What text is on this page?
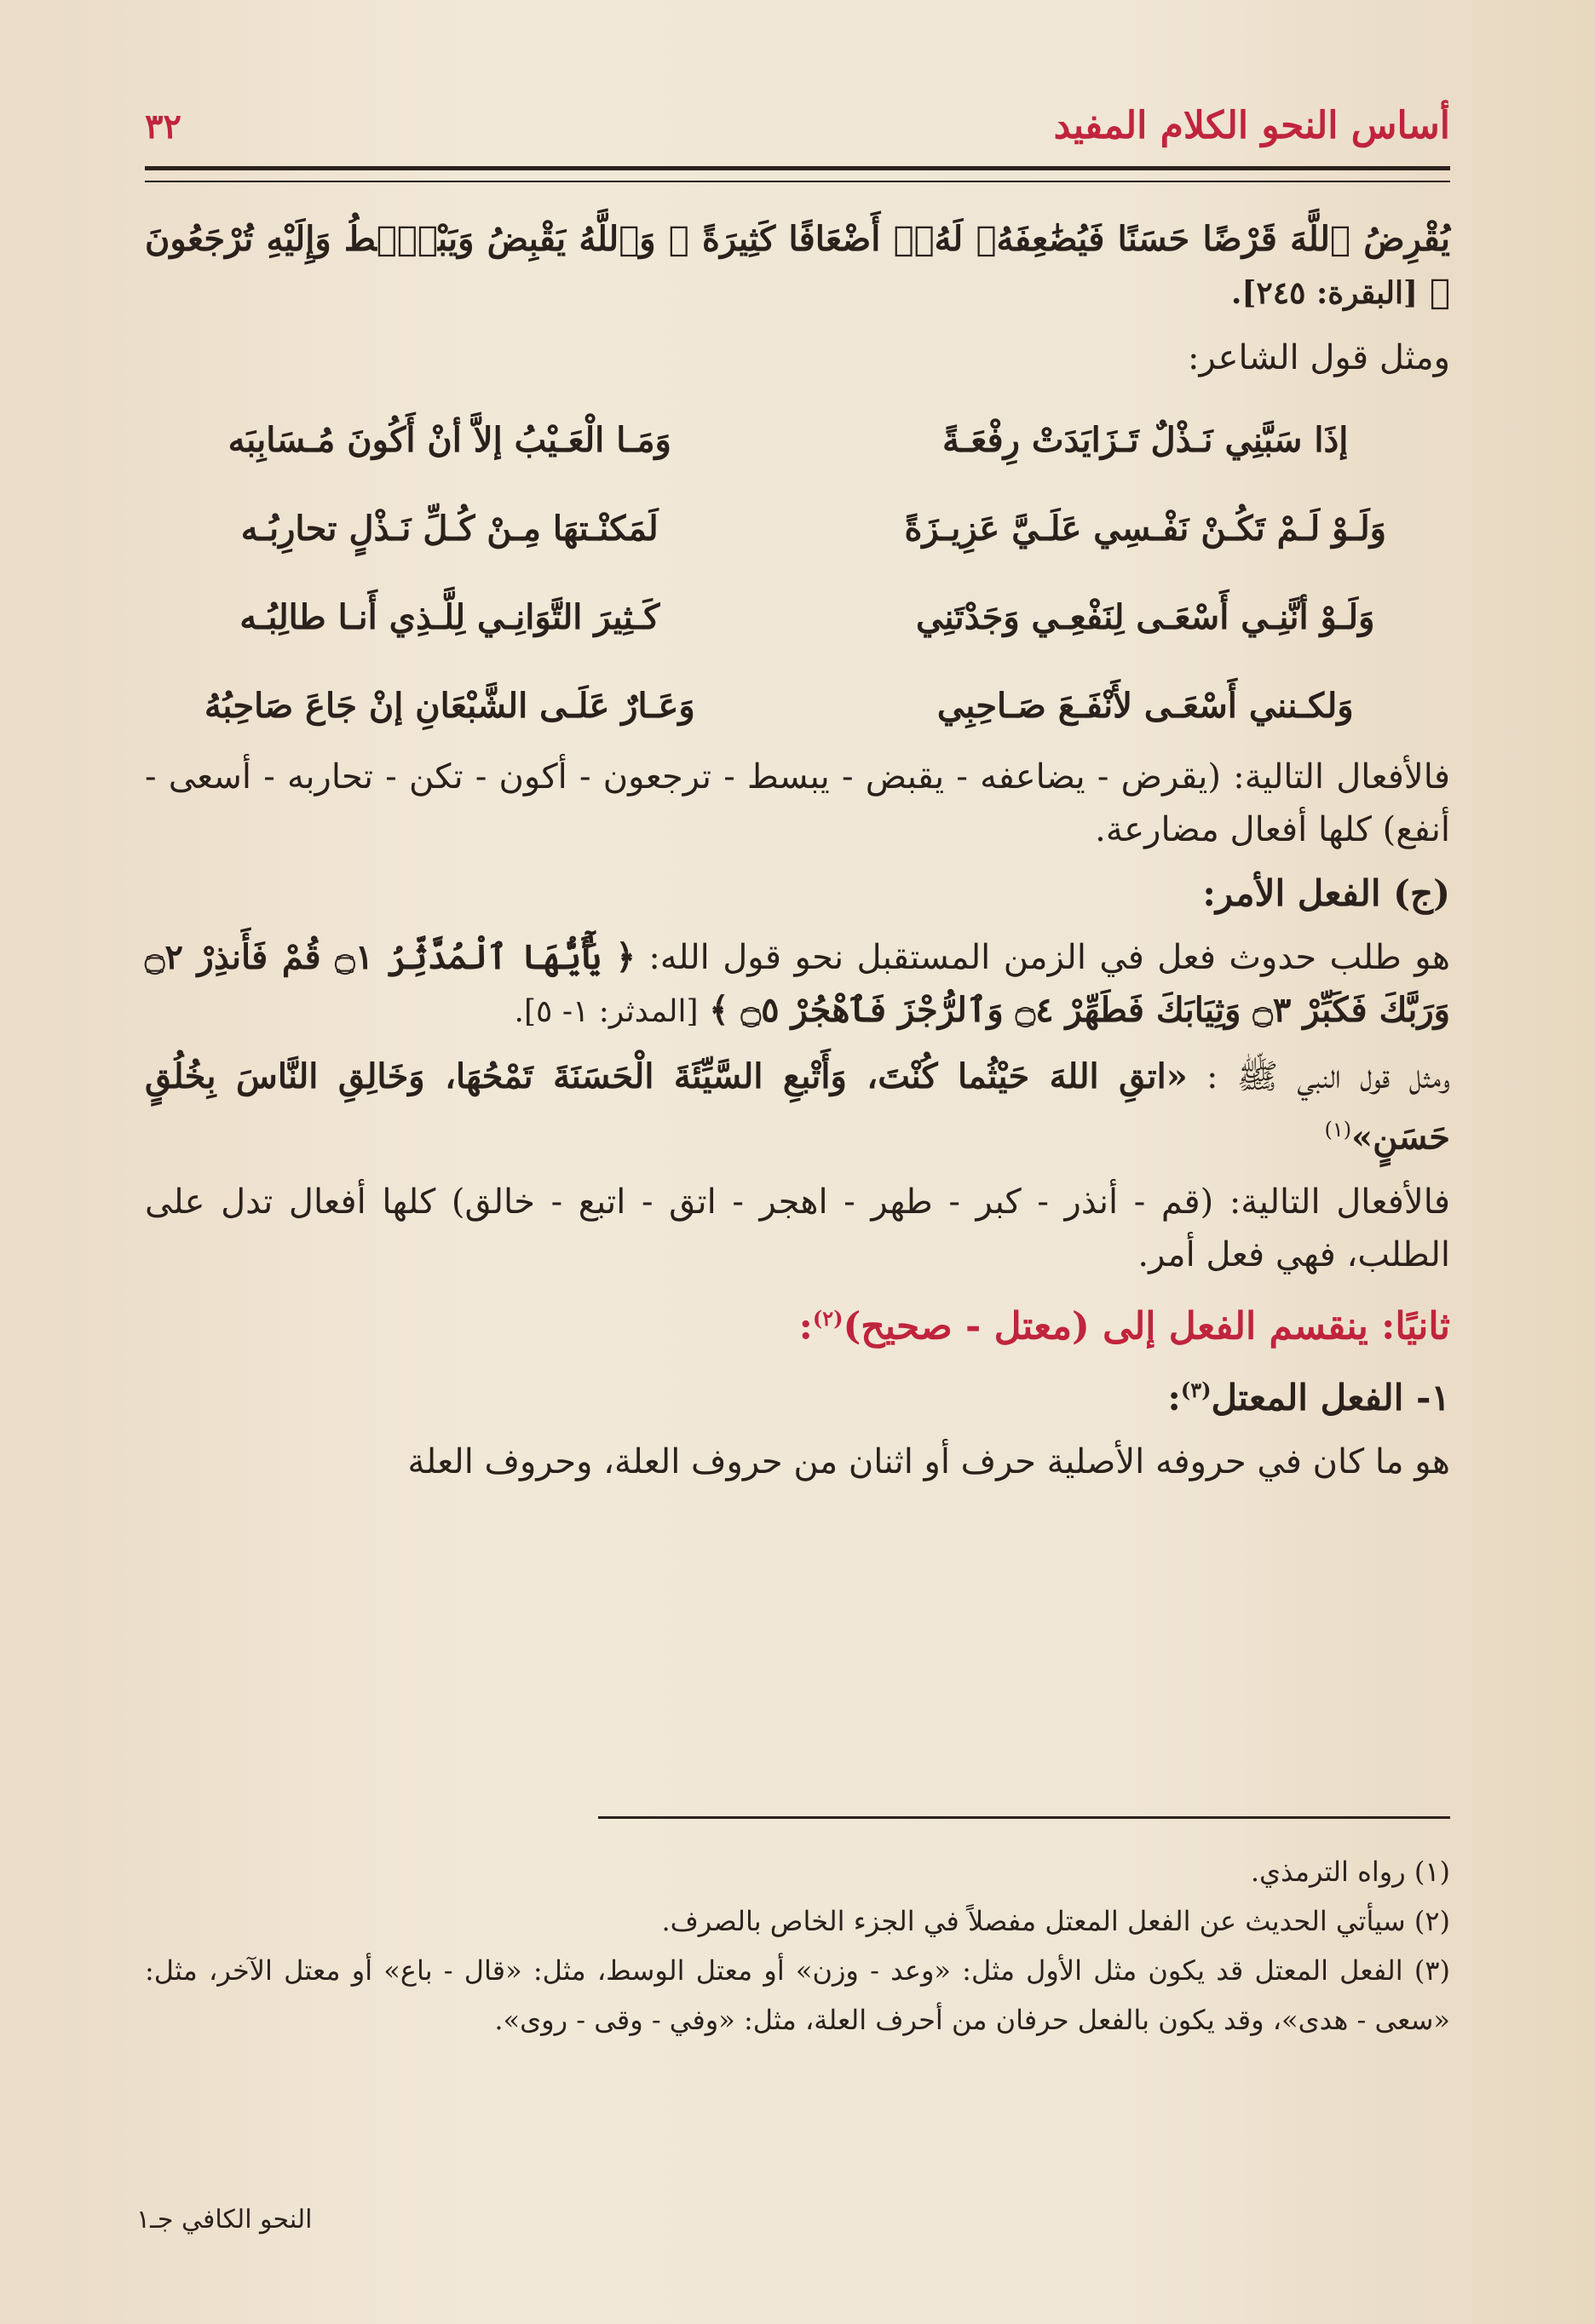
أساس النحو الكلام المفيد
٣٢

يُقْرِضُ ٱللَّهَ قَرْضًا حَسَنًا فَيُضَٰعِفَهُۥ لَهُۥٓ أَضْعَافًا كَثِيرَةً ۚ وَٱللَّهُ يَقْبِضُ وَيَبْصُۜطُ وَإِلَيْهِ تُرْجَعُونَ ﴾ [البقرة: ٢٤٥].

ومثل قول الشاعر:

إذَا سَبَّنِي نَـذْلٌ تَـزَايَدَتْ رِفْعَـةً
وَمَـا الْعَـيْبُ إلاَّ أنْ أَكُونَ مُـسَابِبَه
وَلَـوْ لَـمْ تَكُـنْ نَفْـسِي عَلَـيَّ عَزِيـزَةً
لَمَكنْـتهَا مِـنْ كُـلِّ نَـذْلٍ تحارِبُـه
وَلَـوْ أنَّنِـي أَسْعَـى لِنَفْعِـي وَجَدْتَنِي
كَـثِيرَ التَّوَانِـي لِلَّـذِي أَنـا طالِبُـه
وَلكـنني أَسْعَـى لأَنْفَـعَ صَـاحِبِي
وَعَـارٌ عَلَـى الشَّبْعَانِ إنْ جَاعَ صَاحِبُهُ

فالأفعال التالية: (يقرض - يضاعفه - يقبض - يبسط - ترجعون - أكون - تكن - تحاربه - أسعى - أنفع) كلها أفعال مضارعة.

(ج) الفعل الأمر:

هو طلب حدوث فعل في الزمن المستقبل نحو قول الله: ﴿ يَٰٓأَيُّهَا ٱلْمُدَّثِّرُ ۝١ قُمْ فَأَنذِرْ ۝٢ وَرَبَّكَ فَكَبِّرْ ۝٣ وَثِيَابَكَ فَطَهِّرْ ۝٤ وَٱلرُّجْزَ فَٱهْجُرْ ۝٥ ﴾ [المدثر: ١- ٥].

ومثل قول النبي ﷺ : «اتقِ اللهَ حَيْثُما كُنْتَ، وَأَتْبعِ السَّيِّئَةَ الْحَسَنَةَ تَمْحُهَا، وَخَالِقِ النَّاسَ بِخُلُقٍ حَسَنٍ»$^{(١)}$

فالأفعال التالية: (قم - أنذر - كبر - طهر - اهجر - اتق - اتبع - خالق) كلها أفعال تدل على الطلب، فهي فعل أمر.

ثانيًا: ينقسم الفعل إلى (معتل - صحيح)$^{(٢)}$:
١- الفعل المعتل$^{(٣)}$:

هو ما كان في حروفه الأصلية حرف أو اثنان من حروف العلة، وحروف العلة

(١) رواه الترمذي.

(٢) سيأتي الحديث عن الفعل المعتل مفصلاً في الجزء الخاص بالصرف.

(٣) الفعل المعتل قد يكون مثل الأول مثل: «وعد - وزن» أو معتل الوسط، مثل: «قال - باع» أو معتل الآخر، مثل: «سعى - هدى»، وقد يكون بالفعل حرفان من أحرف العلة، مثل: «وفي - وقى - روى».

النحو الكافي جـ١
